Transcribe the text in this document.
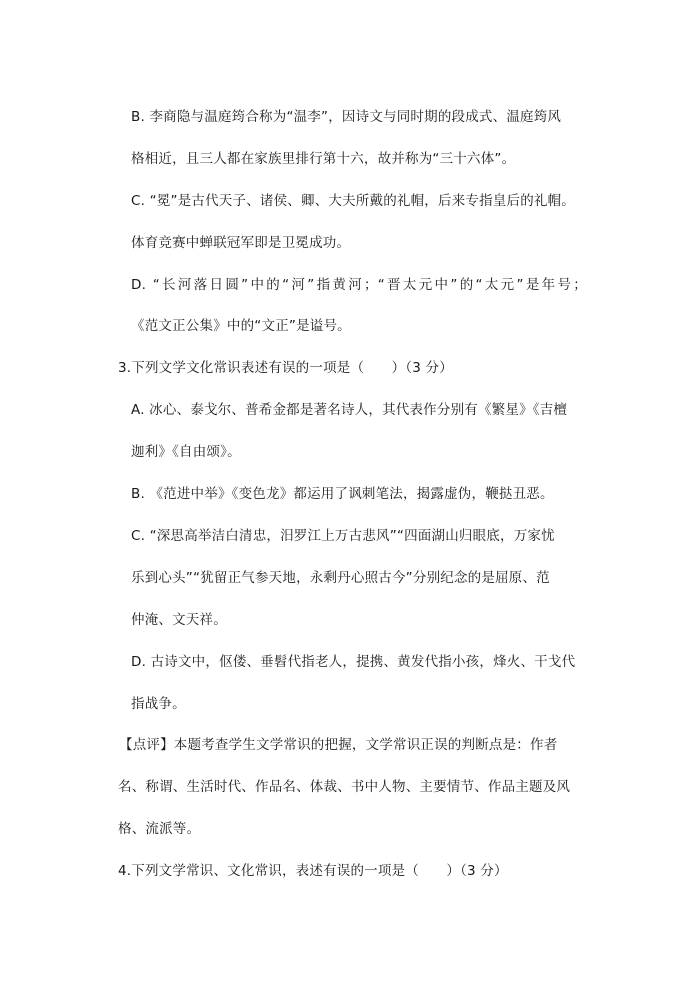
B. 李商隐与温庭筠合称为“温李”，因诗文与同时期的段成式、温庭筠风
格相近，且三人都在家族里排行第十六，故并称为“三十六体”。
C. “冕”是古代天子、诸侯、卿、大夫所戴的礼帽，后来专指皇后的礼帽。
体育竞赛中蝉联冠军即是卫冕成功。
D. “长河落日圆”中的“河”指黄河；“晋太元中”的“太元”是年号；
《范文正公集》中的“文正”是谥号。
3.下列文学文化常识表述有误的一项是（　　）（3 分）
A. 冰心、泰戈尔、普希金都是著名诗人，其代表作分别有《繁星》《吉檀
迦利》《自由颂》。
B. 《范进中举》《变色龙》都运用了讽刺笔法，揭露虚伪，鞭挞丑恶。
C. “深思高举洁白清忠，汨罗江上万古悲风”“四面湖山归眼底，万家忧
乐到心头”“犹留正气参天地，永剩丹心照古今”分别纪念的是屈原、范
仲淹、文天祥。
D. 古诗文中，伛偻、垂髫代指老人，提携、黄发代指小孩，烽火、干戈代
指战争。
【点评】本题考查学生文学常识的把握，文学常识正误的判断点是：作者
名、称谓、生活时代、作品名、体裁、书中人物、主要情节、作品主题及风
格、流派等。
4.下列文学常识、文化常识，表述有误的一项是（　　）（3 分）
